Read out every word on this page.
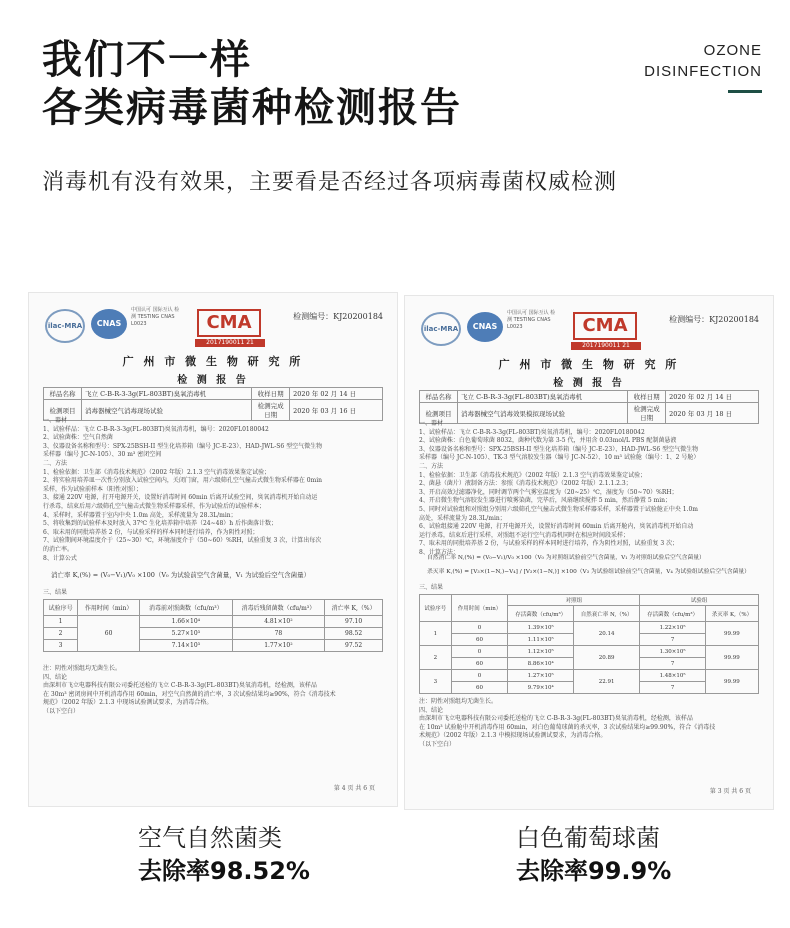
我们不一样
各类病毒菌种检测报告
OZONE
DISINFECTION
消毒机有没有效果，主要看是否经过各项病毒菌权威检测
ilac-MRA	CNAS
中国认可 国际互认 检测 TESTING CNAS L0023	CMA
2017190011 21
检测编号：KJ20200184
广 州 市 微 生 物 研 究 所
检 测 报 告
样品名称	飞立 C-B-R-3-3g(FL-803BT)臭氧消毒机	收样日期	2020 年 02 月 14 日
检测项目	消毒器械空气消毒现场试验	检测完成日期	2020 年 03 月 16 日
一、器材
1、试验样品：飞立 C-B-R-3-3g(FL-803BT)臭氧消毒机，编号：2020FL0180042
2、试验菌株：空气自然菌
3、仪器设备名称和型号：SPX-25BSH-II 型生化培养箱（编号 JC-E-23）、HAD-JWL-S6 型空气微生物
采样器（编号 JC-N-105）、30 m³ 密闭空间
二、方法
1、检验依据：卫生部《消毒技术规范》（2002 年版）2.1.3 空气消毒效果鉴定试验；
2、将实验用培养皿一次性分别放入试验空间内，关闭门窗，用六级筛孔空气撞击式微生物采样器在 0min
采样，作为试验前样本（阳性对照）；
3、接通 220V 电源，打开电源开关，设置好消毒时间 60min 后离开试验空间，臭氧消毒机开始自动运
行杀毒，结束后用六级筛孔空气撞击式微生物采样器采样，作为试验后的试验样本；
4、采样时，采样器置于室内中央 1.0m 高处，采样流量为 28.3L/min；
5、将收集到的试验样本及时放入 37℃ 生化培养箱中培养（24~48）h 后作菌落计数；
6、取未用的同批培养基 2 份，与试验采样的样本同时进行培养，作为阴性对照；
7、试验期间环境温度介于（25~30）℃，环境湿度介于（50~60）%RH，试验重复 3 次，计算出每次
的消亡率。
8、计算公式
消亡率 K,(%) = (V₀−V₁)/V₀ ×100（V₀ 为试验前空气含菌量，V₁ 为试验后空气含菌量）
三、结果
试验序号	作用时间（min）	消毒前对照菌数（cfu/m³）	消毒后残留菌数（cfu/m³）	消亡率 K,（%）
1	60	1.66×10⁴	4.81×10²	97.10
2		5.27×10³	78	98.52
3		7.14×10³	1.77×10²	97.52
注：阴性对照组均无菌生长。
四、结论
由深圳市飞立电器科技有限公司委托送检的飞立 C-B-R-3-3g(FL-803BT)臭氧消毒机，经检测，该样品
在 30m³ 密闭房间中开机消毒作用 60min，对空气自然菌的消亡率，3 次试验结果均≥90%，符合《消毒技术
规范》（2002 年版）2.1.3 中现场试验测试要求，为消毒合格。
（以下空白）
第 4 页 共 6 页
ilac-MRA	CNAS
中国认可 国际互认 检测 TESTING CNAS L0023	CMA
2017190011 21
检测编号：KJ20200184
广 州 市 微 生 物 研 究 所
检 测 报 告
样品名称	飞立 C-B-R-3-3g(FL-803BT)臭氧消毒机	收样日期	2020 年 02 月 14 日
检测项目	消毒器械空气消毒效果模拟现场试验	检测完成日期	2020 年 03 月 18 日
一、器材
1、试验样品：飞立 C-B-R-3-3g(FL-803BT)臭氧消毒机，编号：2020FL0180042
2、试验菌株：白色葡萄球菌 8032，菌种代数为第 3-5 代，并用含 0.03mol/L PBS 配制菌悬液
3、仪器设备名称和型号：SPX-25BSH-II 型生化培养箱（编号 JC-E-23）、HAD-JWL-S6 型空气微生物
采样器（编号 JC-N-105）、TK-3 型气溶胶发生器（编号 JC-N-52）、10 m³ 试验舱（编号：1、2 号舱）
二、方法
1、检验依据：卫生部《消毒技术规范》（2002 年版）2.1.3 空气消毒效果鉴定试验；
2、菌悬（菌片）液制备方法：参照《消毒技术规范》（2002 年版）2.1.1.2.3；
3、开启高效过滤器净化，同时调节两个气雾室温度为（20~25）℃，湿度为（50~70）%RH；
4、开启微生物气溶胶发生器进行喷雾染菌，完毕后，风扇继续搅拌 5 min，然后静置 5 min；
5、同时对试验组和对照组分别用六级筛孔空气撞击式微生物采样器采样，采样器置于试验舱正中央 1.0m
高处，采样流量为 28.3L/min；
6、试验组接通 220V 电源，打开电源开关，设置好消毒时间 60min 后离开舱内，臭氧消毒机开始自动
运行杀毒，结束后进行采样，对照组不运行空气消毒机同时在相应时间段采样；
7、取未用的同批培养基 2 份，与试验采样的样本同时进行培养，作为阴性对照，试验重复 3 次；
8、计算方法：
自然消亡率 N,(%) = (V₀−V₁)/V₀ ×100（V₀ 为对照组试验前空气含菌量，V₁ 为对照组试验后空气含菌量）
杀灭率 K,(%) = [V₃×(1−N,)−V₄] / [V₃×(1−N,)] ×100（V₃ 为试验组试验前空气含菌量，V₄ 为试验组试验后空气含菌量）
三、结果
试验序号	作用时间（min）	对照组		试验组	
		存活菌数（cfu/m³）	自然衰亡率 N,（%）	存活菌数（cfu/m³）	杀灭率 K,（%）
1	0	1.39×10⁵	20.14	1.22×10⁵	99.99
	60	1.11×10⁵		7	
2	0	1.12×10⁵	20.89	1.30×10⁵	99.99
	60	8.86×10⁴		7	
3	0	1.27×10⁵	22.91	1.48×10⁵	99.99
	60	9.79×10⁴		7	
注：阴性对照组均无菌生长。
四、结论
由深圳市飞立电器科技有限公司委托送检的飞立 C-B-R-3-3g(FL-803BT)臭氧消毒机，经检测，该样品
在 10m³ 试验舱中开机消毒作用 60min，对白色葡萄球菌的杀灭率，3 次试验结果均≥99.90%，符合《消毒技
术规范》（2002 年版）2.1.3 中模拟现场试验测试要求，为消毒合格。
（以下空白）
第 3 页 共 6 页
空气自然菌类
去除率98.52%
白色葡萄球菌
去除率99.9%
